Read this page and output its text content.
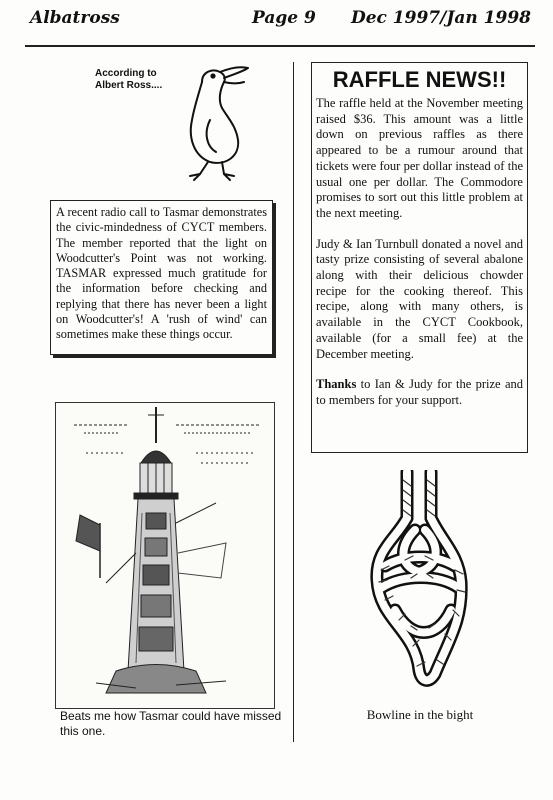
Albatross	Page 9 Dec 1997/Jan 1998
According to
Albert Ross....
A recent radio call to Tasmar demonstrates the civic-mindedness of CYCT members. The member reported that the light on Woodcutter's Point was not working. TASMAR expressed much gratitude for the information before checking and replying that there has never been a light on Woodcutter's! A 'rush of wind' can sometimes make these things occur.
Beats me how Tasmar could have missed this one.
RAFFLE NEWS!!

The raffle held at the November meeting raised $36. This amount was a little down on previous raffles as there appeared to be a rumour around that tickets were four per dollar instead of the usual one per dollar. The Commodore promises to sort out this little problem at the next meeting.

Judy & Ian Turnbull donated a novel and tasty prize consisting of several abalone along with their delicious chowder recipe for the cooking thereof. This recipe, along with many others, is available in the CYCT Cookbook, available (for a small fee) at the December meeting.

Thanks to Ian & Judy for the prize and to members for your support.

Bowline in the bight
